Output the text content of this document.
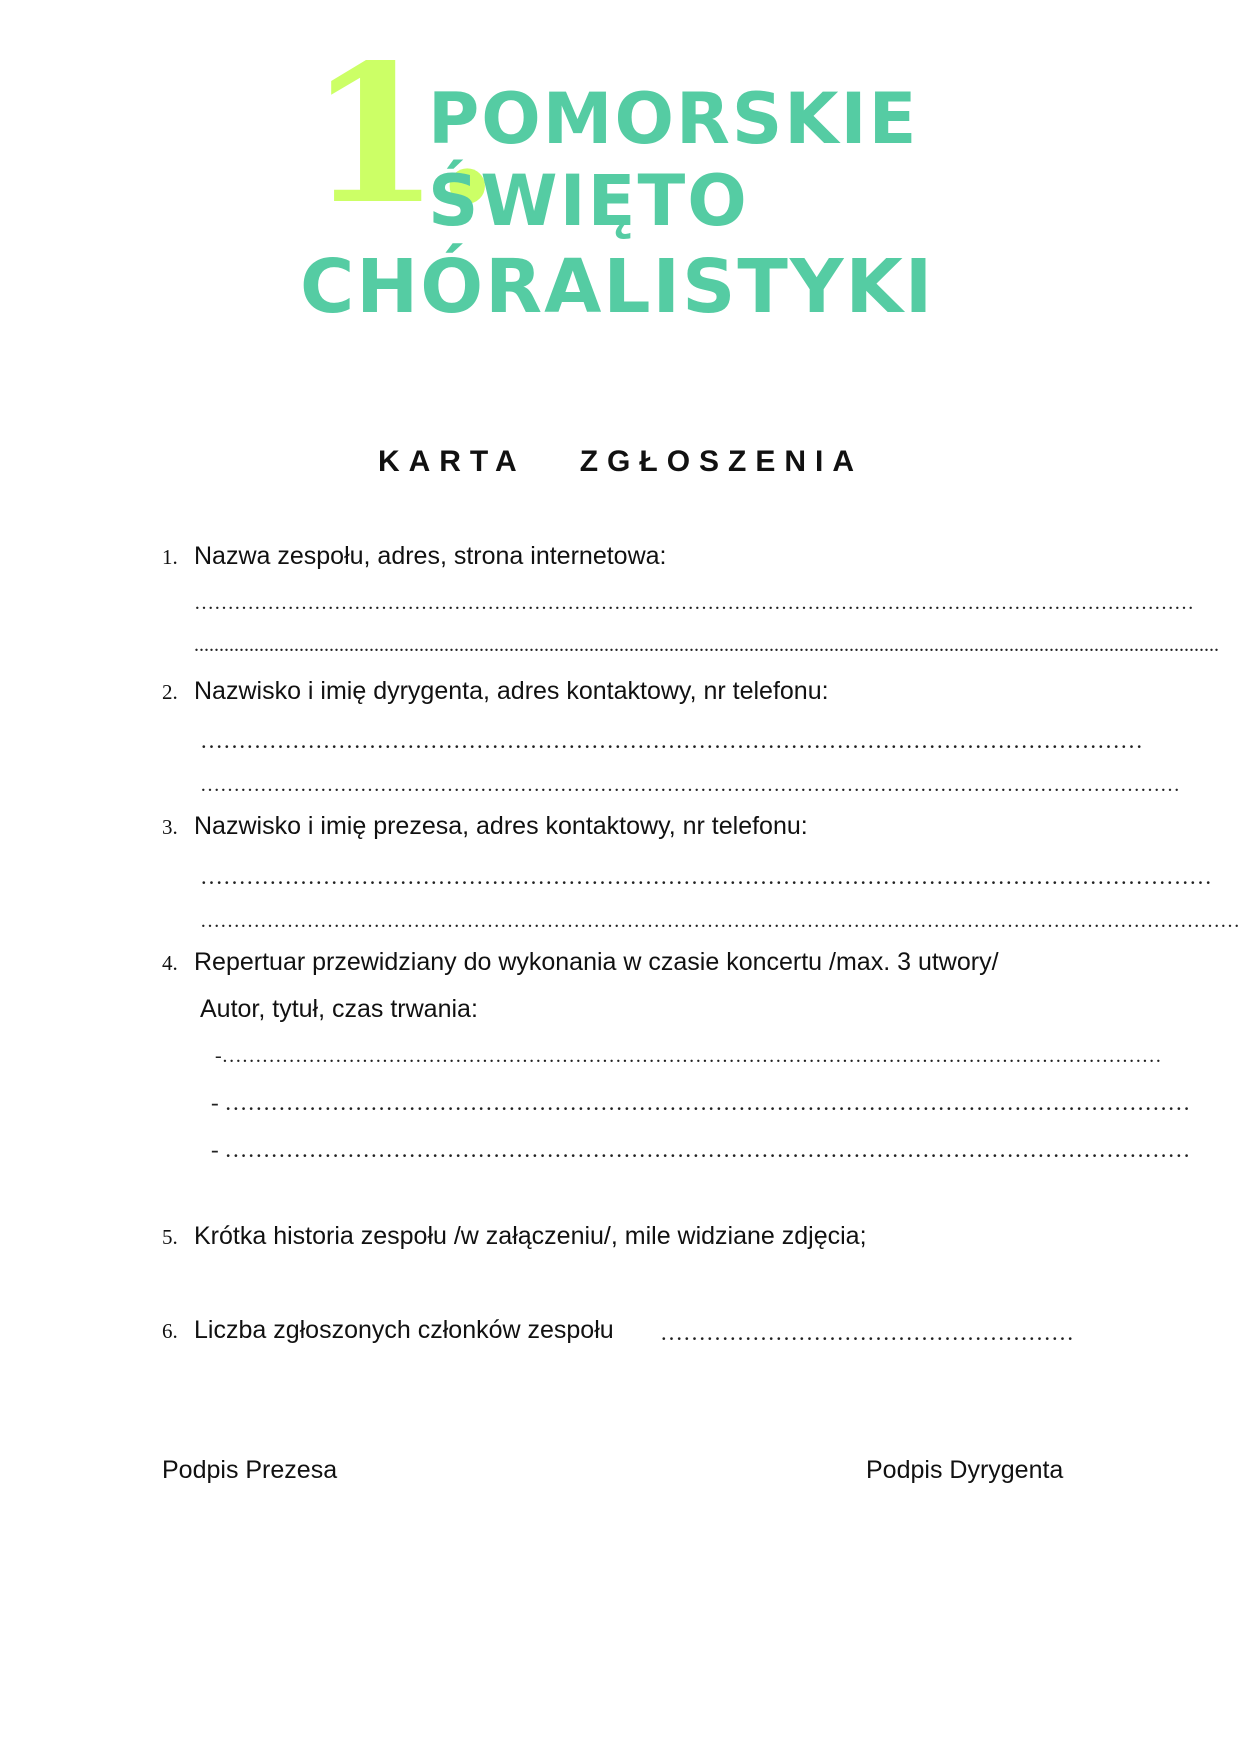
1.
POMORSKIE
ŚWIĘTO
CHÓRALISTYKI
KARTA ZGŁOSZENIA
1. Nazwa zespołu, adres, strona internetowa:
……………………………………………………………………………………………………………………………………
.............................................................................................................................................................................................................
2. Nazwisko i imię dyrygenta, adres kontaktowy, nr telefonu:
……………………………………………………………………………………………………………
…………………………………………………………………………………………………………………………………
3. Nazwisko i imię prezesa, adres kontaktowy, nr telefonu:
……………………………………………………………………………………………………………………
…………………………………………………………………………………………………………………………………………
4. Repertuar przewidziany do wykonania w czasie koncertu /max. 3 utwory/
Autor, tytuł, czas trwania:
-……………………………………………………………………………………………………………………………
- ………………………………………………………………………………………………………………
- ………………………………………………………………………………………………………………
5. Krótka historia zespołu /w załączeniu/, mile widziane zdjęcia;
6. Liczba zgłoszonych członków zespołu ………………………………………………
Podpis Prezesa	Podpis Dyrygenta
